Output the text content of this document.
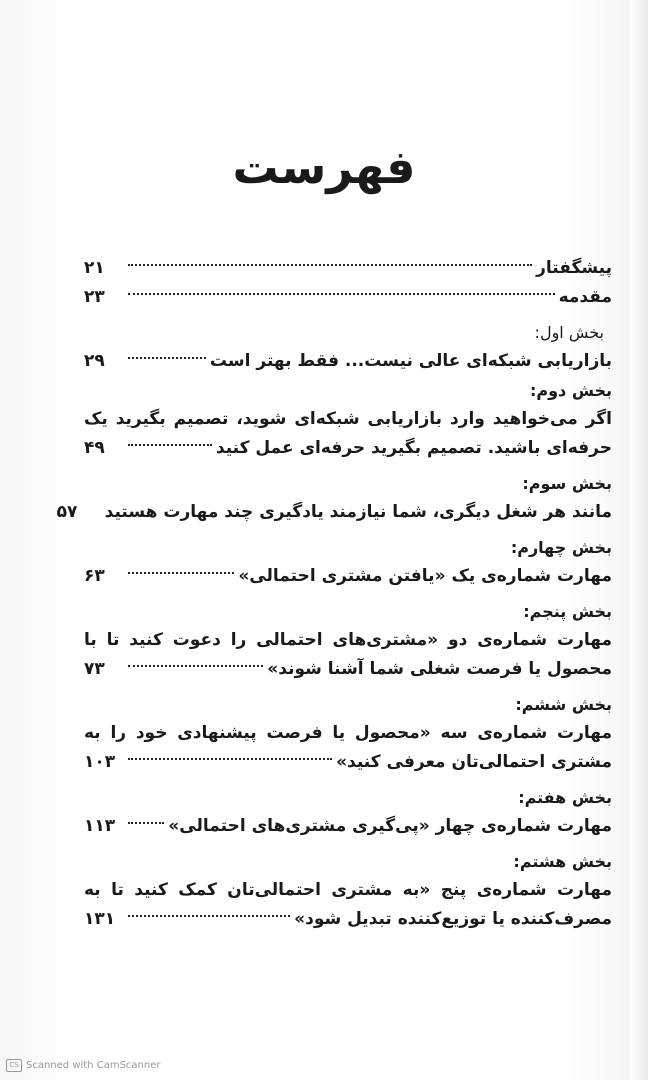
فهرست
پیشگفتار
۲۱
مقدمه
۲۳
بخش اول:
بازاریابی شبکه‌ای عالی نیست... فقط بهتر است
۲۹
بخش دوم:
اگر می‌خواهید وارد بازاریابی شبکه‌ای شوید، تصمیم بگیرید یک
حرفه‌ای باشید. تصمیم بگیرید حرفه‌ای عمل کنید
۴۹
بخش سوم:
مانند هر شغل دیگری، شما نیازمند یادگیری چند مهارت هستید
۵۷
بخش چهارم:
مهارت شماره‌ی یک «یافتن مشتری احتمالی»
۶۳
بخش پنجم:
مهارت شماره‌ی دو «مشتری‌های احتمالی را دعوت کنید تا با
محصول یا فرصت شغلی شما آشنا شوند»
۷۳
بخش ششم:
مهارت شماره‌ی سه «محصول یا فرصت پیشنهادی خود را به
مشتری احتمالی‌تان معرفی کنید»
۱۰۳
بخش هفتم:
مهارت شماره‌ی چهار «پی‌گیری مشتری‌های احتمالی»
۱۱۳
بخش هشتم:
مهارت شماره‌ی پنج «به مشتری احتمالی‌تان کمک کنید تا به
مصرف‌کننده یا توزیع‌کننده تبدیل شود»
۱۳۱
CS Scanned with CamScanner
